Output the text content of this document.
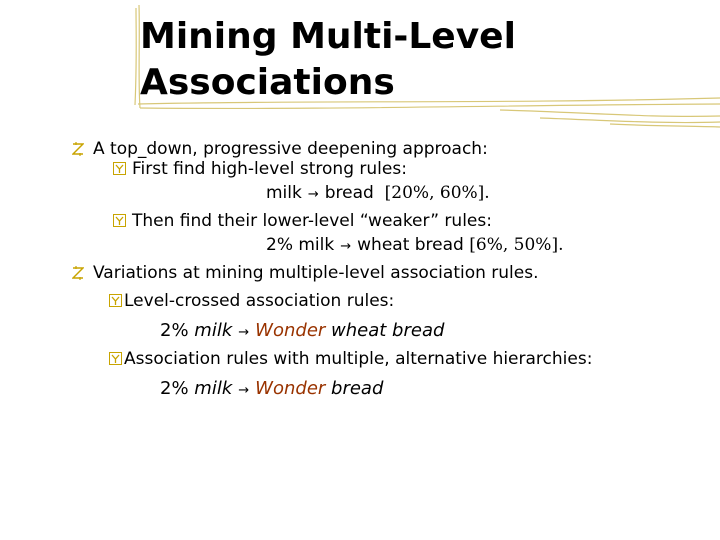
Mining Multi-Level
Associations
A top_down, progressive deepening approach:
First find high-level strong rules:
milk → bread [20%, 60%].
Then find their lower-level “weaker” rules:
2% milk → wheat bread [6%, 50%].
Variations at mining multiple-level association rules.
Level-crossed association rules:
2% milk → Wonder wheat bread
Association rules with multiple, alternative hierarchies:
2% milk → Wonder bread
